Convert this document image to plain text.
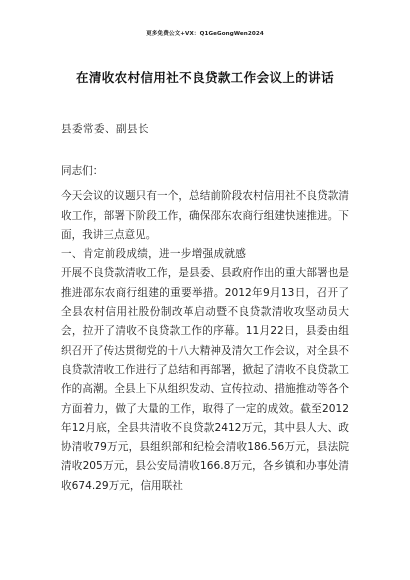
更多免费公文+VX：Q1GeGongWen2024
在清收农村信用社不良贷款工作会议上的讲话
县委常委、副县长

同志们：

今天会议的议题只有一个，总结前阶段农村信用社不良贷款清收工作，部署下阶段工作，确保邵东农商行组建快速推进。下面，我讲三点意见。

一、肯定前段成绩，进一步增强成就感

开展不良贷款清收工作，是县委、县政府作出的重大部署也是推进邵东农商行组建的重要举措。2012年9月13日，召开了全县农村信用社股份制改革启动暨不良贷款清收攻坚动员大会，拉开了清收不良贷款工作的序幕。11月22日，县委由组织召开了传达贯彻党的十八大精神及清欠工作会议，对全县不良贷款清收工作进行了总结和再部署，掀起了清收不良贷款工作的高潮。全县上下从组织发动、宣传拉动、措施推动等各个方面着力，做了大量的工作，取得了一定的成效。截至2012年12月底，全县共清收不良贷款2412万元，其中县人大、政协清收79万元，县组织部和纪检会清收186.56万元，县法院清收205万元，县公安局清收166.8万元，各乡镇和办事处清收674.29万元，信用联社
